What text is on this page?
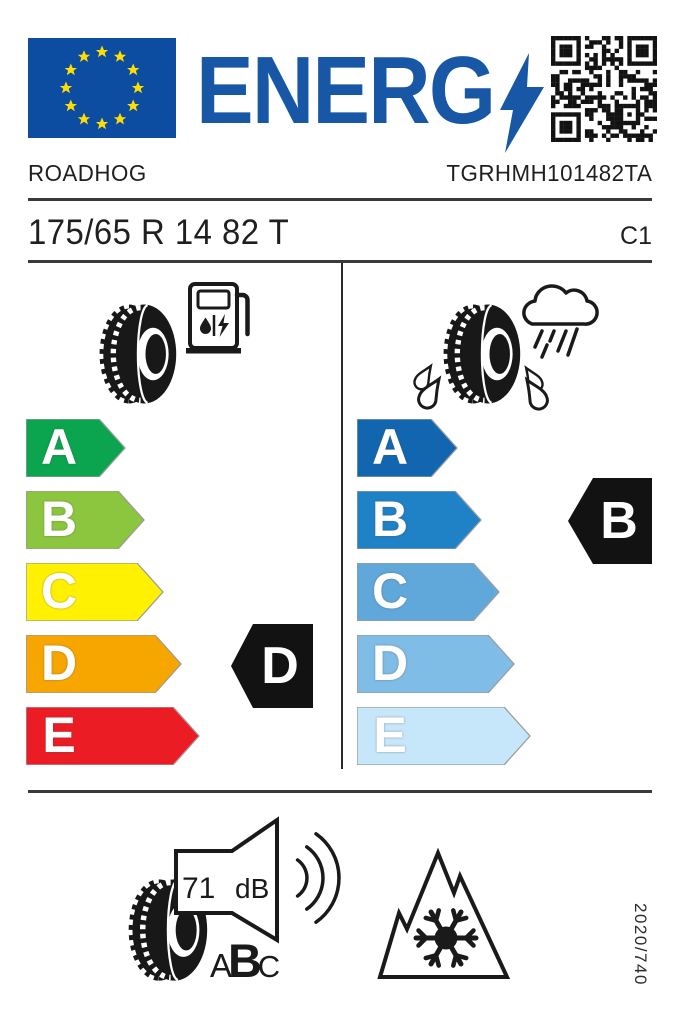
ENERG
ROADHOG	TGRHMH101482TA
175/65 R 14 82 T	C1
A
B
C
D
E
D
A
B
C
D
E
B
71 dB
A
B
C	2020/740
